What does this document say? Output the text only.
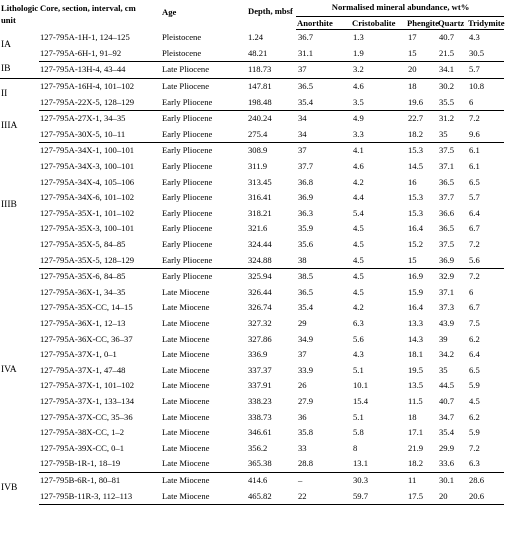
Lithologic unit	Core, section, interval, cm	Age	Depth, mbsf	Normalised mineral abundance, wt%				
				Anorthite	Cristobalite	Phengite	Quartz	Tridymite
IA	127-795A-1H-1, 124–125	Pleistocene	1.24	36.7	1.3	17	40.7	4.3
	127-795A-6H-1, 91–92	Pleistocene	48.21	31.1	1.9	15	21.5	30.5
IB	127-795A-13H-4, 43–44	Late Pliocene	118.73	37	3.2	20	34.1	5.7
II	127-795A-16H-4, 101–102	Late Pliocene	147.81	36.5	4.6	18	30.2	10.8
	127-795A-22X-5, 128–129	Early Pliocene	198.48	35.4	3.5	19.6	35.5	6
IIIA	127-795A-27X-1, 34–35	Early Pliocene	240.24	34	4.9	22.7	31.2	7.2
	127-795A-30X-5, 10–11	Early Pliocene	275.4	34	3.3	18.2	35	9.6
IIIB	127-795A-34X-1, 100–101	Early Pliocene	308.9	37	4.1	15.3	37.5	6.1
	127-795A-34X-3, 100–101	Early Pliocene	311.9	37.7	4.6	14.5	37.1	6.1
	127-795A-34X-4, 105–106	Early Pliocene	313.45	36.8	4.2	16	36.5	6.5
	127-795A-34X-6, 101–102	Early Pliocene	316.41	36.9	4.4	15.3	37.7	5.7
	127-795A-35X-1, 101–102	Early Pliocene	318.21	36.3	5.4	15.3	36.6	6.4
	127-795A-35X-3, 100–101	Early Pliocene	321.6	35.9	4.5	16.4	36.5	6.7
	127-795A-35X-5, 84–85	Early Pliocene	324.44	35.6	4.5	15.2	37.5	7.2
	127-795A-35X-5, 128–129	Early Pliocene	324.88	38	4.5	15	36.9	5.6
IVA	127-795A-35X-6, 84–85	Early Pliocene	325.94	38.5	4.5	16.9	32.9	7.2
	127-795A-36X-1, 34–35	Late Miocene	326.44	36.5	4.5	15.9	37.1	6
	127-795A-35X-CC, 14–15	Late Miocene	326.74	35.4	4.2	16.4	37.3	6.7
	127-795A-36X-1, 12–13	Late Miocene	327.32	29	6.3	13.3	43.9	7.5
	127-795A-36X-CC, 36–37	Late Miocene	327.86	34.9	5.6	14.3	39	6.2
	127-795A-37X-1, 0–1	Late Miocene	336.9	37	4.3	18.1	34.2	6.4
	127-795A-37X-1, 47–48	Late Miocene	337.37	33.9	5.1	19.5	35	6.5
	127-795A-37X-1, 101–102	Late Miocene	337.91	26	10.1	13.5	44.5	5.9
	127-795A-37X-1, 133–134	Late Miocene	338.23	27.9	15.4	11.5	40.7	4.5
	127-795A-37X-CC, 35–36	Late Miocene	338.73	36	5.1	18	34.7	6.2
	127-795A-38X-CC, 1–2	Late Miocene	346.61	35.8	5.8	17.1	35.4	5.9
	127-795A-39X-CC, 0–1	Late Miocene	356.2	33	8	21.9	29.9	7.2
	127-795B-1R-1, 18–19	Late Miocene	365.38	28.8	13.1	18.2	33.6	6.3
IVB	127-795B-6R-1, 80–81	Late Miocene	414.6	–	30.3	11	30.1	28.6
	127-795B-11R-3, 112–113	Late Miocene	465.82	22	59.7	17.5	20	20.6
